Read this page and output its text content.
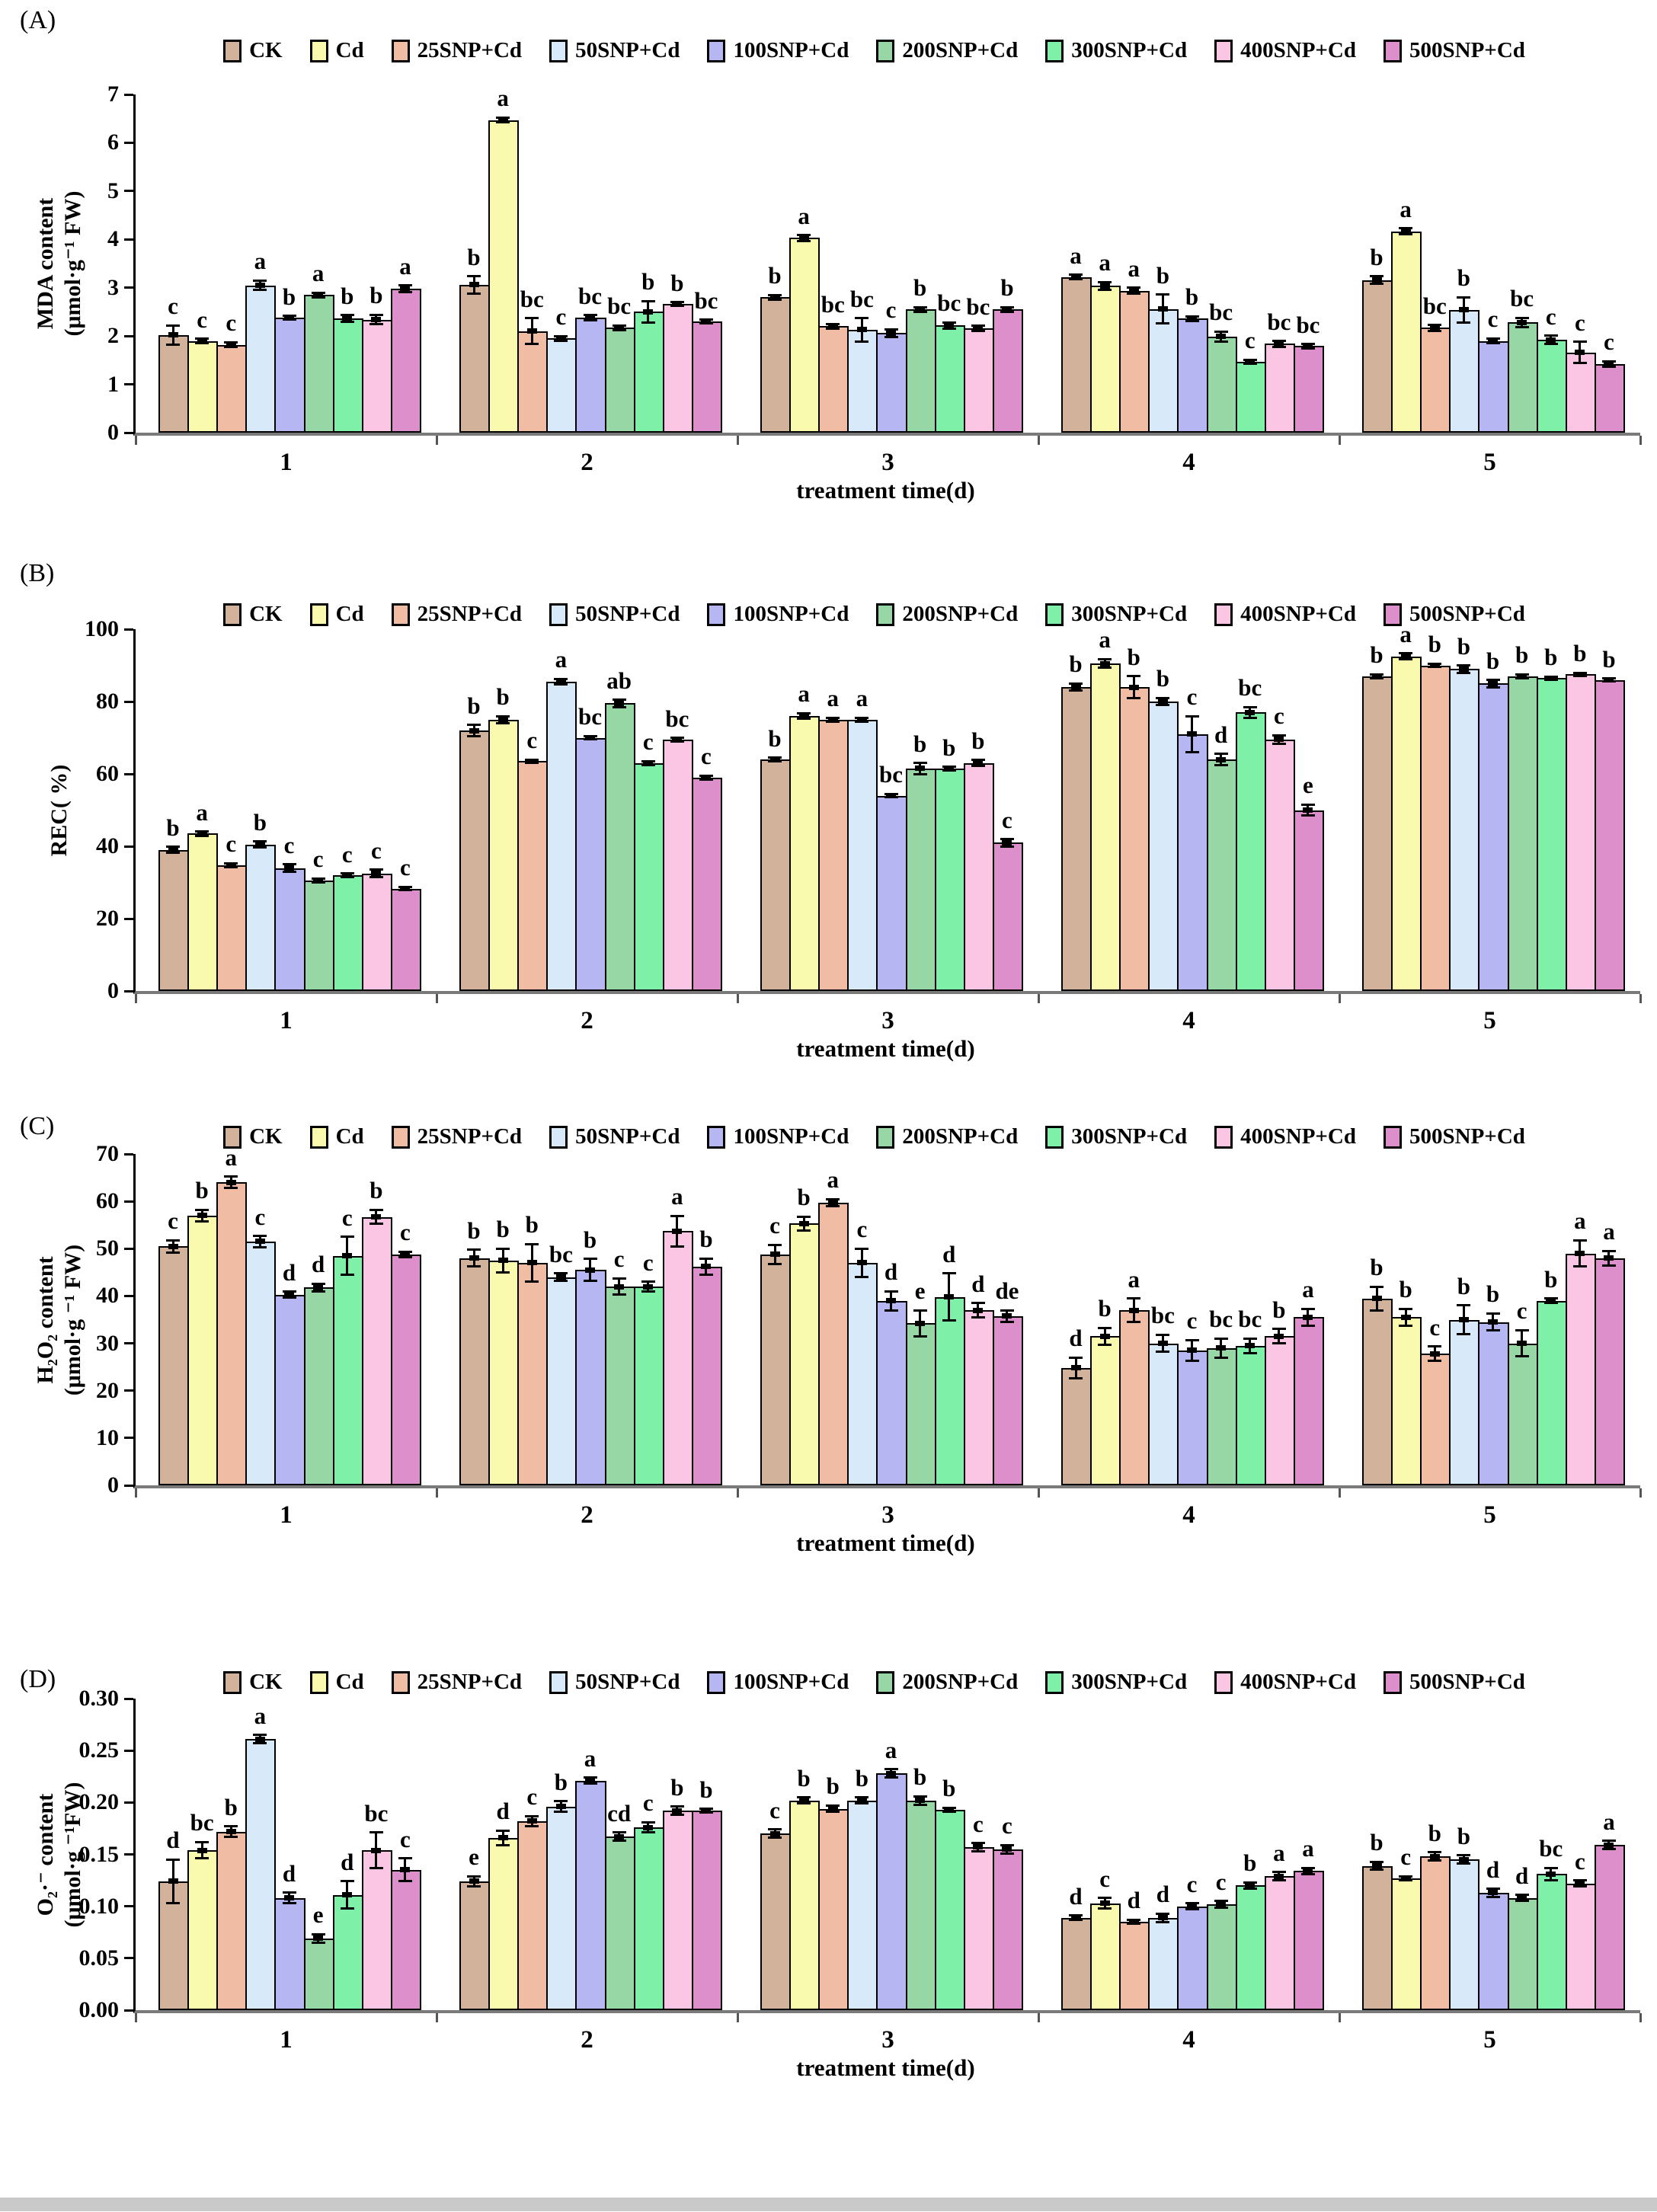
(A)
CK Cd 25SNP+Cd 50SNP+Cd 100SNP+Cd 200SNP+Cd 300SNP+Cd 400SNP+Cd 500SNP+Cd
MDA content (μmol·g⁻¹ FW)
0
1
2
3
4
5
6
7
1	2	3	4	5
c
c c
a
b
a
b b
a	b
a
bc
c
bc bc
b b
bc
b
a
bc bc c
b
bc bc
b
a a a b
b
bc
c
bc bc
b
a
bc
b
c
bc
c c
c
treatment time(d)
(B)
CK Cd 25SNP+Cd 50SNP+Cd 100SNP+Cd 200SNP+Cd 300SNP+Cd 400SNP+Cd 500SNP+Cd
REC( %)
0
20
40
60
80
100
1	2	3	4	5
b
a
c
b
c
c c c
c
b b
c
a
bc
ab
c
bc
c
b
a a a
bc
b b b
c
b
a
b
b
c
d
bc
c
e
b
a b b
b b b b b
treatment time(d)
(C)	CK Cd 25SNP+Cd 50SNP+Cd 100SNP+Cd 200SNP+Cd 300SNP+Cd 400SNP+Cd 500SNP+Cd
H₂O₂ content (μmol·g ⁻¹ FW)
0
10
20
30
40
50
60
70
1	2	3	4	5
c
b
a
c
d d
c
b
c	b b b
bc
b
c c
a
b
c
b
a
c
d
e
d
d de
d
b
a
bc c bc bc b
a
b
b
c
b b
c
b
a a
treatment time(d)
(D)	CK Cd 25SNP+Cd 50SNP+Cd 100SNP+Cd 200SNP+Cd 300SNP+Cd 400SNP+Cd 500SNP+Cd
O₂·⁻ content (μmol·g ⁻¹FW)
0.00
0.05
0.10
0.15
0.20
0.25
0.30
1	2	3	4	5
d
bc
b
a
d
e
d
bc
c
e
d
c
b
a
cd c
b b
c
b b b
a
b b
c c
d
c
d d c c
b a a	b
c
b b
d d
bc c
a
treatment time(d)
